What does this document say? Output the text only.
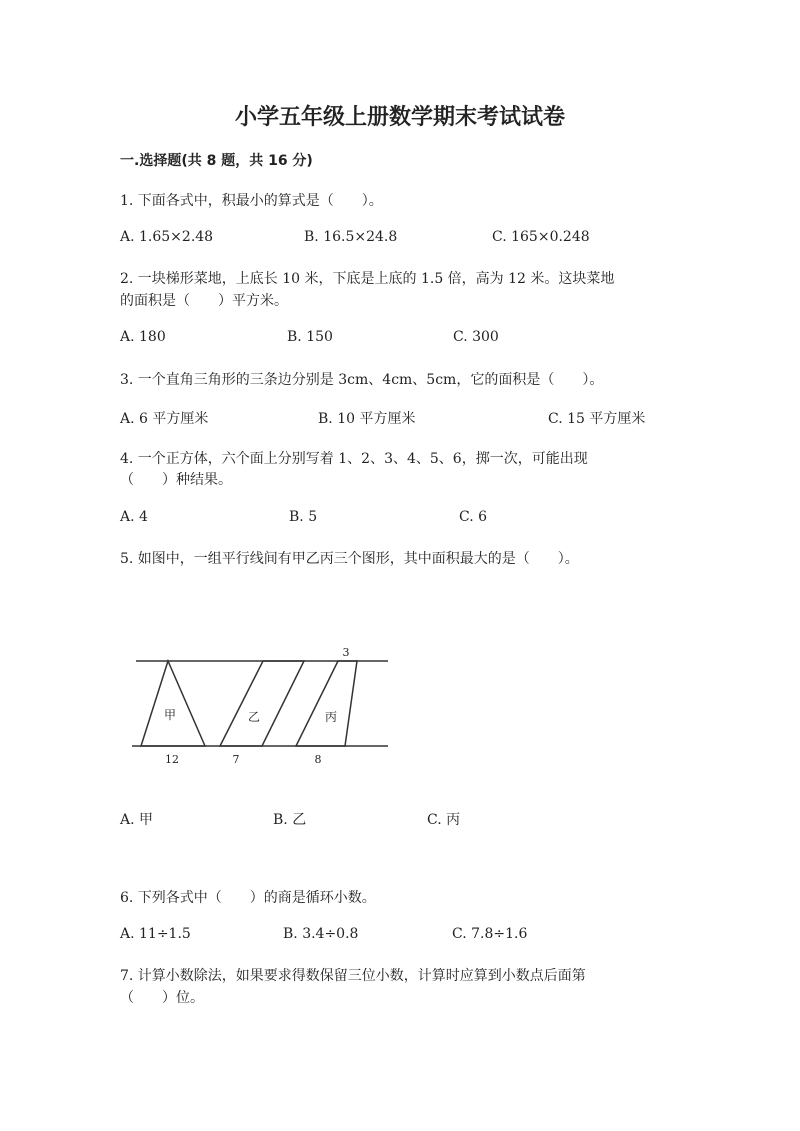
小学五年级上册数学期末考试试卷
一.选择题(共 8 题，共 16 分)
1. 下面各式中，积最小的算式是（　　）。
A. 1.65×2.48	B. 16.5×24.8	C. 165×0.248
2. 一块梯形菜地，上底长 10 米，下底是上底的 1.5 倍，高为 12 米。这块菜地
的面积是（　　）平方米。
A. 180	B. 150	C. 300
3. 一个直角三角形的三条边分别是 3cm、4cm、5cm，它的面积是（　　）。
A. 6 平方厘米	B. 10 平方厘米	C. 15 平方厘米
4. 一个正方体，六个面上分别写着 1、2、3、4、5、6，掷一次，可能出现
（　　）种结果。
A. 4	B. 5	C. 6
5. 如图中，一组平行线间有甲乙丙三个图形，其中面积最大的是（　　）。
甲	乙	丙
3
12	7	8
A. 甲	B. 乙	C. 丙
6. 下列各式中（　　）的商是循环小数。
A. 11÷1.5	B. 3.4÷0.8	C. 7.8÷1.6
7. 计算小数除法，如果要求得数保留三位小数，计算时应算到小数点后面第
（　　）位。
